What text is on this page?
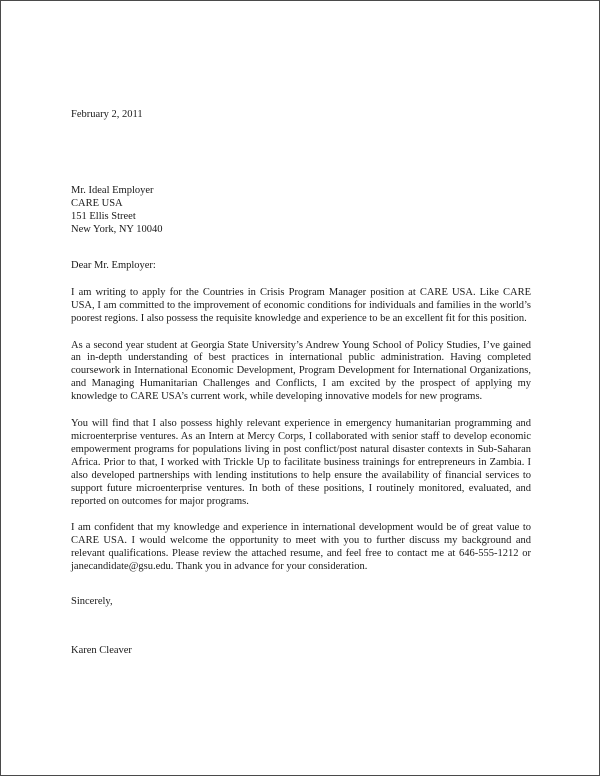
February 2, 2011
Mr. Ideal Employer
CARE USA
151 Ellis Street
New York, NY 10040
Dear Mr. Employer:

I am writing to apply for the Countries in Crisis Program Manager position at CARE USA. Like CARE USA, I am committed to the improvement of economic conditions for individuals and families in the world’s poorest regions. I also possess the requisite knowledge and experience to be an excellent fit for this position.

As a second year student at Georgia State University’s Andrew Young School of Policy Studies, I’ve gained an in-depth understanding of best practices in international public administration. Having completed coursework in International Economic Development, Program Development for International Organizations, and Managing Humanitarian Challenges and Conflicts, I am excited by the prospect of applying my knowledge to CARE USA’s current work, while developing innovative models for new programs.

You will find that I also possess highly relevant experience in emergency humanitarian programming and microenterprise ventures. As an Intern at Mercy Corps, I collaborated with senior staff to develop economic empowerment programs for populations living in post conflict/post natural disaster contexts in Sub-Saharan Africa. Prior to that, I worked with Trickle Up to facilitate business trainings for entrepreneurs in Zambia. I also developed partnerships with lending institutions to help ensure the availability of financial services to support future microenterprise ventures. In both of these positions, I routinely monitored, evaluated, and reported on outcomes for major programs.

I am confident that my knowledge and experience in international development would be of great value to CARE USA. I would welcome the opportunity to meet with you to further discuss my background and relevant qualifications. Please review the attached resume, and feel free to contact me at 646-555-1212 or janecandidate@gsu.edu. Thank you in advance for your consideration.

Sincerely,
Karen Cleaver
